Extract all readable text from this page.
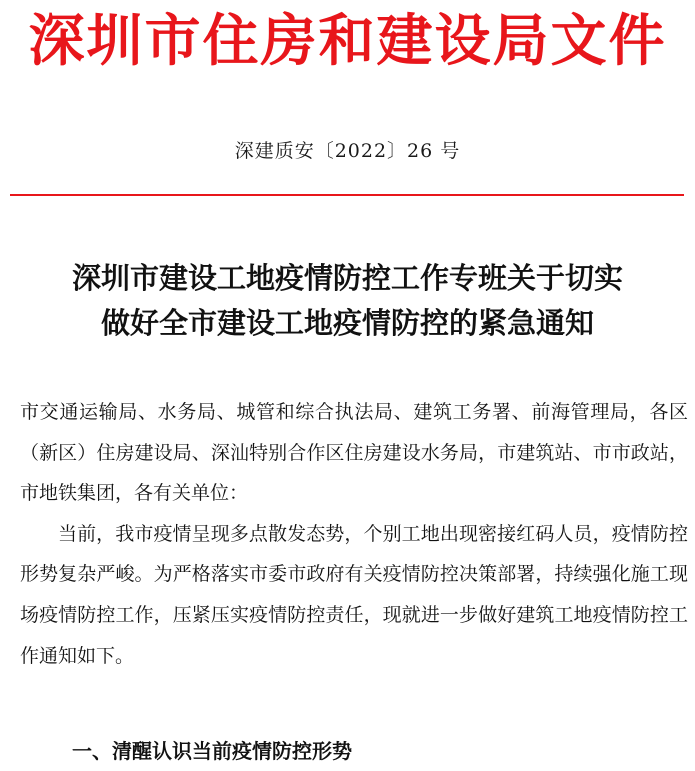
深圳市住房和建设局文件
深建质安〔2022〕26 号
深圳市建设工地疫情防控工作专班关于切实
做好全市建设工地疫情防控的紧急通知

市交通运输局、水务局、城管和综合执法局、建筑工务署、前海管理局，各区（新区）住房建设局、深汕特别合作区住房建设水务局，市建筑站、市市政站，市地铁集团，各有关单位：

当前，我市疫情呈现多点散发态势，个别工地出现密接红码人员，疫情防控形势复杂严峻。为严格落实市委市政府有关疫情防控决策部署，持续强化施工现场疫情防控工作，压紧压实疫情防控责任，现就进一步做好建筑工地疫情防控工作通知如下。

一、清醒认识当前疫情防控形势
